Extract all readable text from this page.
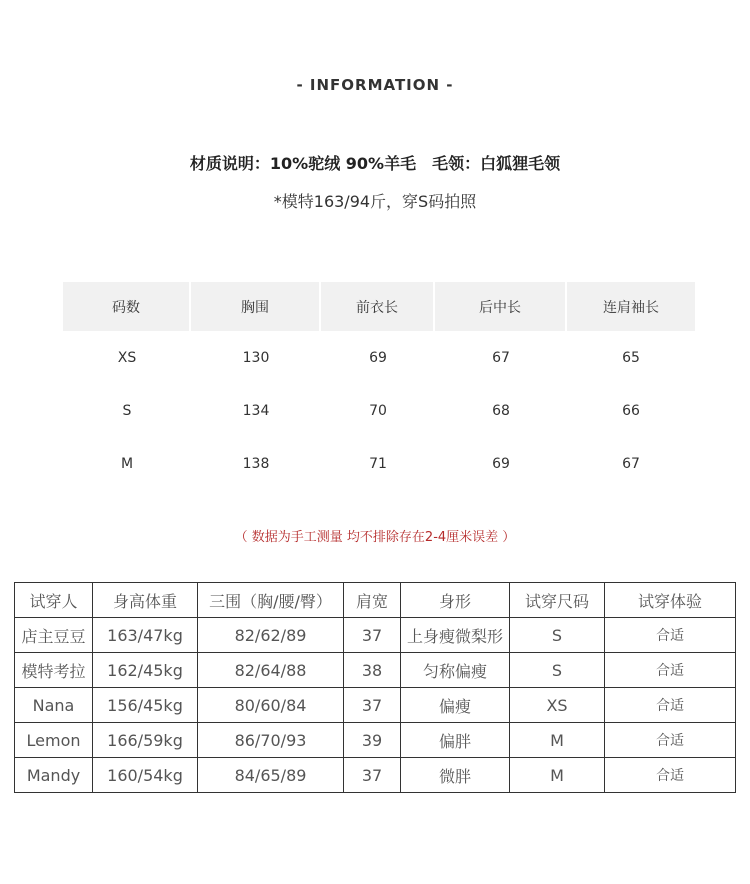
- INFORMATION -
材质说明：10%驼绒 90%羊毛　毛领：白狐狸毛领
*模特163/94斤，穿S码拍照
码数	胸围	前衣长	后中长	连肩袖长
XS	130	69	67	65
S	134	70	68	66
M	138	71	69	67
（ 数据为手工测量 均不排除存在2-4厘米误差 ）
试穿人	身高体重	三围（胸/腰/臀）	肩宽	身形	试穿尺码	试穿体验
店主豆豆	163/47kg	82/62/89	37	上身瘦微梨形	S	合适
模特考拉	162/45kg	82/64/88	38	匀称偏瘦	S	合适
Nana	156/45kg	80/60/84	37	偏瘦	XS	合适
Lemon	166/59kg	86/70/93	39	偏胖	M	合适
Mandy	160/54kg	84/65/89	37	微胖	M	合适
